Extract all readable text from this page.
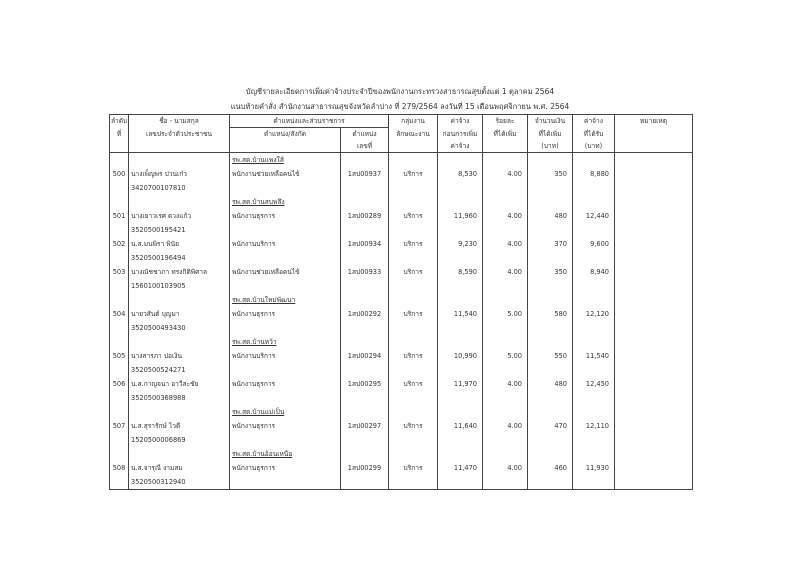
บัญชีรายละเอียดการเพิ่มค่าจ้างประจำปีของพนักงานกระทรวงสาธารณสุขตั้งแต่ 1 ตุลาคม 2564
แนบท้ายคำสั่ง สำนักงานสาธารณสุขจังหวัดลำปาง ที่ 279/2564 ลงวันที่ 15 เดือนพฤศจิกายน พ.ศ. 2564
ลำดับ	ชื่อ - นามสกุล	ตำแหน่งและส่วนราชการ		กลุ่มงาน	ค่าจ้าง	ร้อยละ	จำนวนเงิน	ค่าจ้าง	หมายเหตุ
ที่	เลขประจำตัวประชาชน	ตำแหน่ง/สังกัด	ตำแหน่ง	ลักษณะงาน	ก่อนการเพิ่ม	ที่ได้เพิ่ม	ที่ได้เพิ่ม	ที่ได้รับ	
			เลขที่		ค่าจ้าง		(บาท)	(บาท)	
		รพ.สต.บ้านแพงใส้							
500	นางเพ็ญพร ปวนเก๋ว	พนักงานช่วยเหลือคนไข้	1สป00937	บริการ	8,530	4.00	350	8,880	
	3420700107810								
		รพ.สต.บ้านสบพลึง							
501	นางเยาวเรศ ดวงแก้ว	พนักงานธุรการ	1สป00289	บริการ	11,960	4.00	480	12,440	
	3520500195421								
502	น.ส.มนพิรา พินัย	พนักงานบริการ	1สป00934	บริการ	9,230	4.00	370	9,600	
	3520500196494								
503	นางณัชชาภา ทรงกิติพิศาล	พนักงานช่วยเหลือคนไข้	1สป00933	บริการ	8,590	4.00	350	8,940	
	1560100103905								
		รพ.สต.บ้านใหม่พัฒนา							
504	นายวสันต์ บุญมา	พนักงานธุรการ	1สป00292	บริการ	11,540	5.00	580	12,120	
	3520500493430								
		รพ.สต.บ้านหว้า							
505	นางสารภา ปอเงิน	พนักงานบริการ	1สป00294	บริการ	10,990	5.00	550	11,540	
	3520500524271								
506	น.ส.กาญจนา อาวีสะชัย	พนักงานธุรการ	1สป00295	บริการ	11,970	4.00	480	12,450	
	3520500368988								
		รพ.สต.บ้านแม่เป็น							
507	น.ส.สุรารักษ์ ไวดี	พนักงานธุรการ	1สป00297	บริการ	11,640	4.00	470	12,110	
	1520500006869								
		รพ.สต.บ้านอ้อนเหนือ							
508	น.ส.จารุณี งามสม	พนักงานธุรการ	1สป00299	บริการ	11,470	4.00	460	11,930	
	3520500312940								
